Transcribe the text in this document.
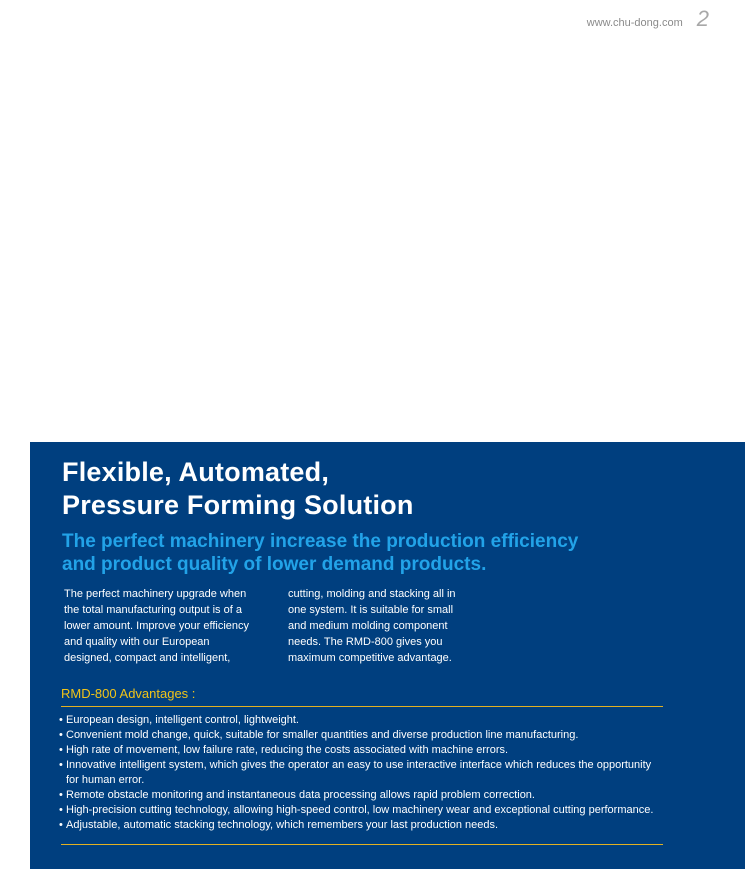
www.chu-dong.com 2
Flexible, Automated,
Pressure Forming Solution
The perfect machinery increase the production efficiency
and product quality of lower demand products.
The perfect machinery upgrade when
the total manufacturing output is of a
lower amount. Improve your efficiency
and quality with our European
designed, compact and intelligent,
cutting, molding and stacking all in
one system. It is suitable for small
and medium molding component
needs. The RMD-800 gives you
maximum competitive advantage.
RMD-800 Advantages :
• European design, intelligent control, lightweight.
• Convenient mold change, quick, suitable for smaller quantities and diverse production line manufacturing.
• High rate of movement, low failure rate, reducing the costs associated with machine errors.
• Innovative intelligent system, which gives the operator an easy to use interactive interface which reduces the opportunity
for human error.
• Remote obstacle monitoring and instantaneous data processing allows rapid problem correction.
• High-precision cutting technology, allowing high-speed control, low machinery wear and exceptional cutting performance.
• Adjustable, automatic stacking technology, which remembers your last production needs.
